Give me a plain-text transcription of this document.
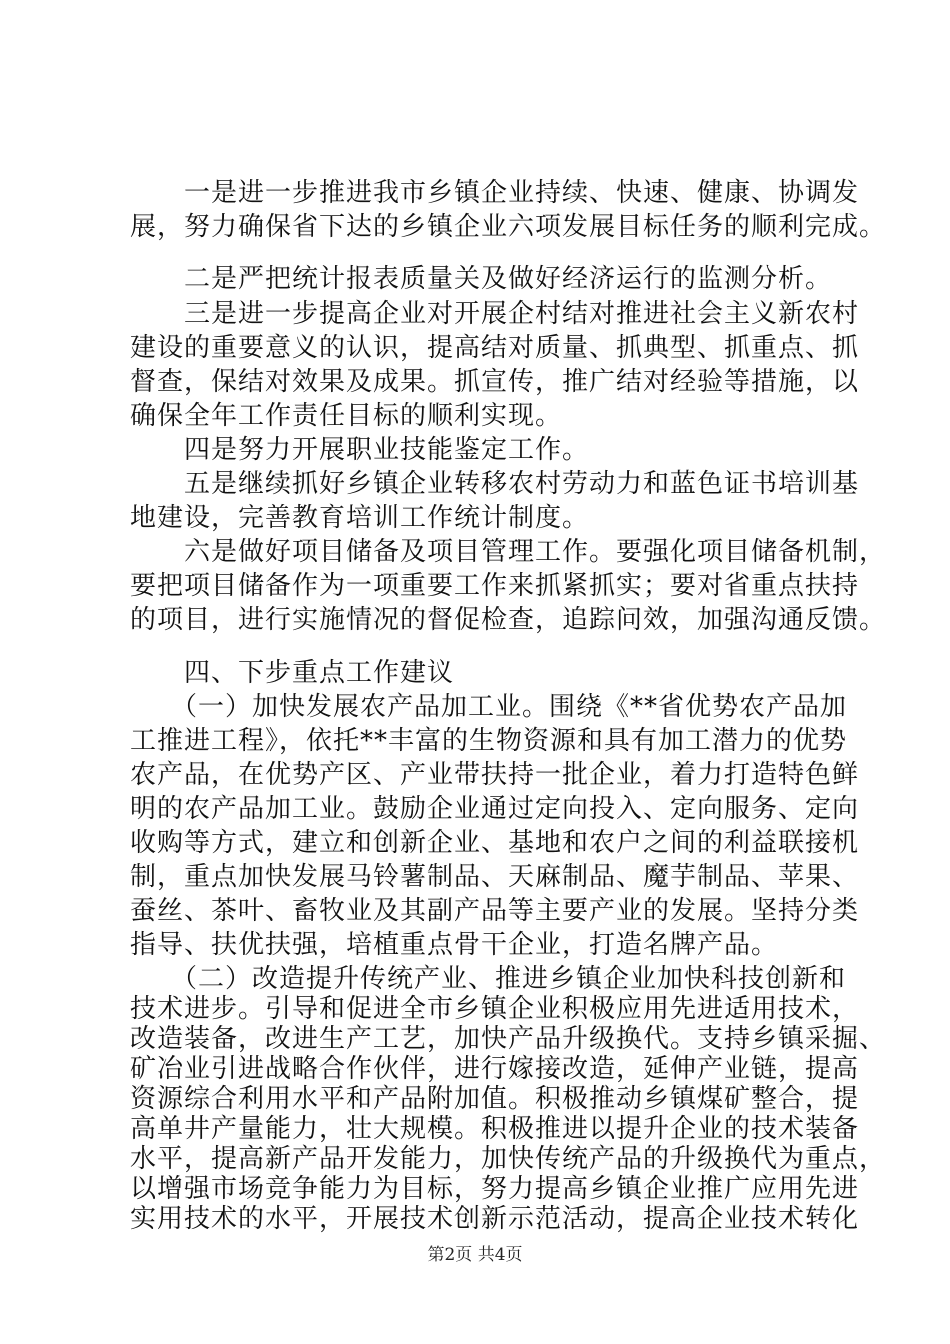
　　一是进一步推进我市乡镇企业持续、快速、健康、协调发
展，努力确保省下达的乡镇企业六项发展目标任务的顺利完成。
　　二是严把统计报表质量关及做好经济运行的监测分析。
　　三是进一步提高企业对开展企村结对推进社会主义新农村
建设的重要意义的认识，提高结对质量、抓典型、抓重点、抓
督查，保结对效果及成果。抓宣传，推广结对经验等措施，以
确保全年工作责任目标的顺利实现。
　　四是努力开展职业技能鉴定工作。
　　五是继续抓好乡镇企业转移农村劳动力和蓝色证书培训基
地建设，完善教育培训工作统计制度。
　　六是做好项目储备及项目管理工作。要强化项目储备机制，
要把项目储备作为一项重要工作来抓紧抓实；要对省重点扶持
的项目，进行实施情况的督促检查，追踪问效，加强沟通反馈。
　　四、下步重点工作建议
　　（一）加快发展农产品加工业。围绕《**省优势农产品加
工推进工程》，依托**丰富的生物资源和具有加工潜力的优势
农产品，在优势产区、产业带扶持一批企业，着力打造特色鲜
明的农产品加工业。鼓励企业通过定向投入、定向服务、定向
收购等方式，建立和创新企业、基地和农户之间的利益联接机
制，重点加快发展马铃薯制品、天麻制品、魔芋制品、苹果、
蚕丝、茶叶、畜牧业及其副产品等主要产业的发展。坚持分类
指导、扶优扶强，培植重点骨干企业，打造名牌产品。
　　（二）改造提升传统产业、推进乡镇企业加快科技创新和
技术进步。引导和促进全市乡镇企业积极应用先进适用技术，
改造装备，改进生产工艺，加快产品升级换代。支持乡镇采掘、
矿冶业引进战略合作伙伴，进行嫁接改造，延伸产业链，提高
资源综合利用水平和产品附加值。积极推动乡镇煤矿整合，提
高单井产量能力，壮大规模。积极推进以提升企业的技术装备
水平，提高新产品开发能力，加快传统产品的升级换代为重点，
以增强市场竞争能力为目标，努力提高乡镇企业推广应用先进
第2页 共4页
实用技术的水平，开展技术创新示范活动，提高企业技术转化
